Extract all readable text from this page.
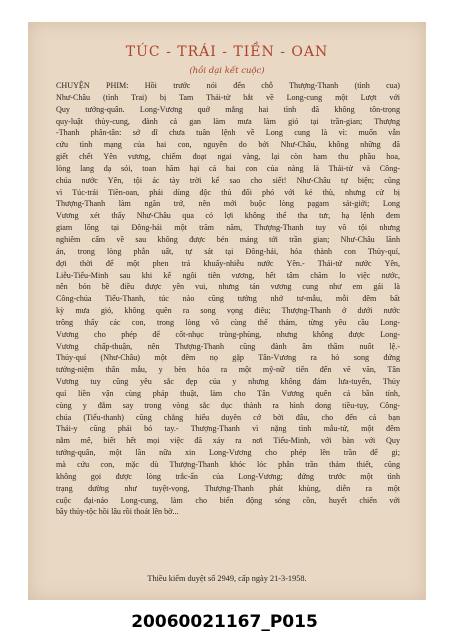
TÚC - TRÁI - TIỀN - OAN
(hồi dại kết cuộc)
CHUYỆN PHIM: Hồi trước nói đến chỗ Thượng-Thanh (tình cua)
Như-Châu (tình Trai) bị Tam Thái-tử bắt về Long-cung một Lượt với
Quy tướng-quân. Long-Vương quở mắng hai tình đã không tôn-trọng
quy-luật thủy-cung, đành cả gan làm mưa làm gió tại trần-gian; Thượng
-Thanh phân-tân: sở dĩ chưa tuân lệnh về Long cung là vì: muốn vẫn
cứu tình mạng của hai con, nguyên do bởi Như-Châu, không những đã
giết chết Yên vương, chiếm đoạt ngai vàng, lại còn ham thu phầu hoa,
lòng lang dạ sói, toan hãm hại cả hai con của nàng là Thái-tử và Công-
chúa nước Yên, tội ác tày trời kể sao cho siết! Như-Châu tự biện; cũng
vì Túc-trái Tiền-oan, phải dùng độc thủ đối phó với kẻ thù, nhưng cử bị
Thượng-Thanh làm ngăn trở, nên mới buộc lòng pạgam sát-giới; Long
Vương xét thấy Như-Châu qua có lợi không thể tha tưr, hạ lệnh đem
giam lõng tại Đông-hải một trăm năm, Thượng-Thanh tuy vô tội nhưng
nghiêm cấm về sau không được bén mảng tới trần gian; Như-Châu lãnh
án, trong lòng phẫn uất, tự sát tại Đông-hải, hóa thành con Thủy-quỉ,
đợi thời để một phen trả khuấy-nhiễu nước Yên.- Thái-tử nước Yên,
Liễu-Tiểu-Minh sau khi kế ngôi tiên vương, hết tâm chăm lo việc nước,
nên bỏn bề điều được yên vui, nhưng tán vương cung như em gái là
Công-chúa Tiểu-Thanh, túc nào cũng tưởng nhớ tư-mẫu, mỗi đêm bất
kỳ mưa gió, không quên ra song vọng điêu; Thượng-Thanh ở dưới nước
trông thấy các con, trong lòng vô cùng thể thảm, từng yêu cầu Long-
Vương cho phép để cốt-nhục trùng-phùng, nhưng không được Long-
Vương chấp-thuận, nên Thượng-Thanh cũng đành âm thầm nuốt lệ.-
Thủy-quỉ (Như-Châu) một đêm nọ gặp Tân-Vương ra hỏ song đứng
tưởng-niệm thân mẫu, y bèn hóa ra một mỹ-nữ tiến đến vẽ vãn, Tân
Vương tuy cũng yêu sắc đẹp của y nhưng không đám lưa-tuyển, Thủy
quỉ liền vận cùng pháp thuật, làm cho Tân Vương quên cả bần tính,
cùng y đắm say trong vòng sắc dục thành ra hình dong tiều-tụy, Công-
chúa (Tiểu-thanh) cũng chẳng hiểu duyên cớ bởi đâu, cho đến cả bạn
Thái-y cũng phải bó tay.- Thượng-Thanh vì nặng tình mẫu-tử, một đêm
nằm mê, biết hết mọi việc đã xảy ra nơi Tiểu-Minh, với bàn với Quy
tướng-quân, một lần nữa xin Long-Vương cho phép lên trần để gi;
mà cứu con, mặc dù Thượng-Thanh khóc lóc phân trần thảm thiết, cũng
không gọi được lòng trắc-ẩn của Long-Vương; đứng trước một tình
trạng dường như tuyệt-vọng, Thượng-Thanh phát khùng, diễn ra một
cuộc đại-náo Long-cung, làm cho biển động sóng cồn, huyết chiến với
bầy thủy-tộc hồi lâu rồi thoát lên bờ...
Thiều kiểm duyệt số 2949, cấp ngày 21-3-1958.
20060021167_P015
